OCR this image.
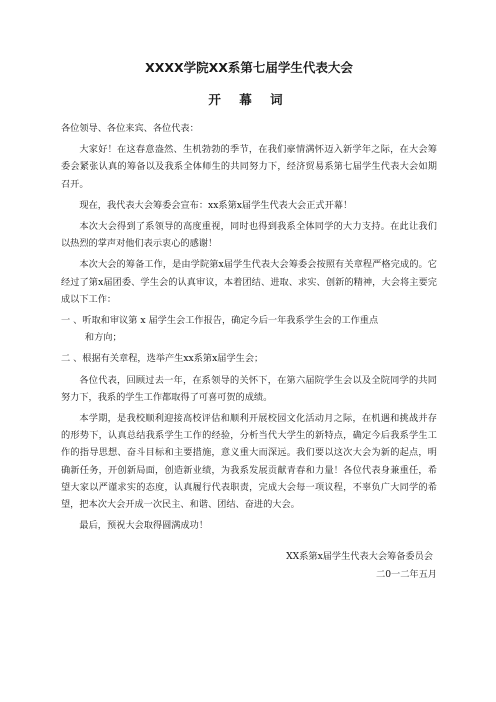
XXXX学院XX系第七届学生代表大会
开 幕 词

各位领导、各位来宾、各位代表：

大家好！在这春意盎然、生机勃勃的季节，在我们豪情满怀迈入新学年之际，在大会筹委会紧张认真的筹备以及我系全体师生的共同努力下，经济贸易系第七届学生代表大会如期召开。

现在，我代表大会筹委会宣布：xx系第x届学生代表大会正式开幕！

本次大会得到了系领导的高度重视，同时也得到我系全体同学的大力支持。在此让我们以热烈的掌声对他们表示衷心的感谢！

本次大会的筹备工作，是由学院第x届学生代表大会筹委会按照有关章程严格完成的。它经过了第x届团委、学生会的认真审议，本着团结、进取、求实、创新的精神，大会将主要完成以下工作：

一 、听取和审议第 x 届学生会工作报告，确定今后一年我系学生会的工作重点
和方向；

二 、根据有关章程，选举产生xx系第x届学生会；

各位代表，回顾过去一年，在系领导的关怀下，在第六届院学生会以及全院同学的共同努力下，我系的学生工作都取得了可喜可贺的成绩。

本学期，是我校顺利迎接高校评估和顺利开展校园文化活动月之际，在机遇和挑战并存的形势下，认真总结我系学生工作的经验，分析当代大学生的新特点，确定今后我系学生工作的指导思想、奋斗目标和主要措施，意义重大而深远。我们要以这次大会为新的起点，明确新任务，开创新局面，创造新业绩，为我系发展贡献青春和力量！各位代表身兼重任，希望大家以严谨求实的态度，认真履行代表职责，完成大会每一项议程，不辜负广大同学的希望，把本次大会开成一次民主、和谐、团结、奋进的大会。

最后，预祝大会取得圆满成功！

XX系第x届学生代表大会筹备委员会

二0一二年五月
